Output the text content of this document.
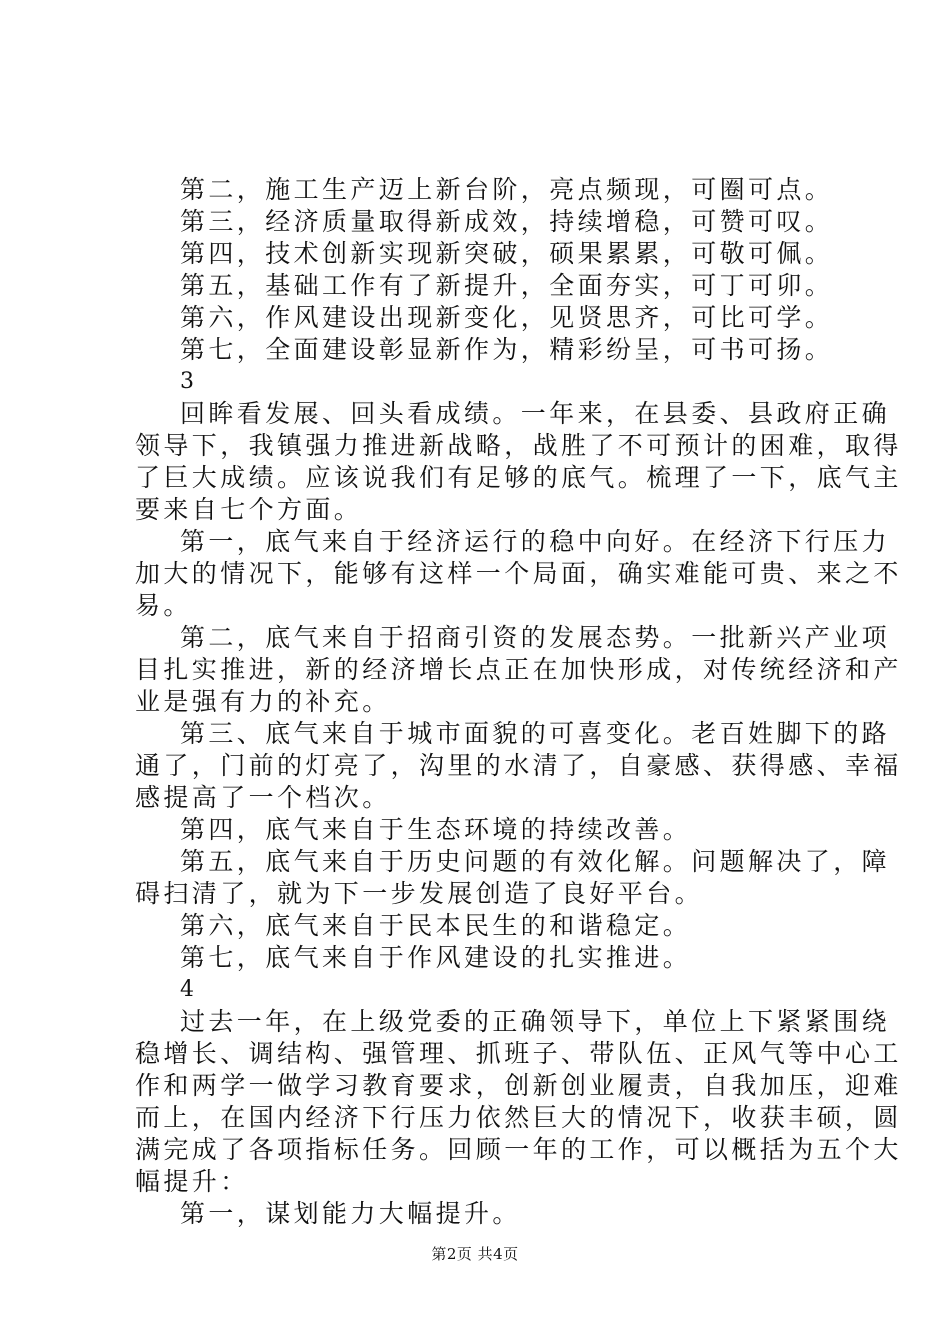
第二，施工生产迈上新台阶，亮点频现，可圈可点。
第三，经济质量取得新成效，持续增稳，可赞可叹。
第四，技术创新实现新突破，硕果累累，可敬可佩。
第五，基础工作有了新提升，全面夯实，可丁可卯。
第六，作风建设出现新变化，见贤思齐，可比可学。
第七，全面建设彰显新作为，精彩纷呈，可书可扬。
3
回眸看发展、回头看成绩。一年来，在县委、县政府正确
领导下，我镇强力推进新战略，战胜了不可预计的困难，取得
了巨大成绩。应该说我们有足够的底气。梳理了一下，底气主
要来自七个方面。
第一，底气来自于经济运行的稳中向好。在经济下行压力
加大的情况下，能够有这样一个局面，确实难能可贵、来之不
易。
第二，底气来自于招商引资的发展态势。一批新兴产业项
目扎实推进，新的经济增长点正在加快形成，对传统经济和产
业是强有力的补充。
第三、底气来自于城市面貌的可喜变化。老百姓脚下的路
通了，门前的灯亮了，沟里的水清了，自豪感、获得感、幸福
感提高了一个档次。
第四，底气来自于生态环境的持续改善。
第五，底气来自于历史问题的有效化解。问题解决了，障
碍扫清了，就为下一步发展创造了良好平台。
第六，底气来自于民本民生的和谐稳定。
第七，底气来自于作风建设的扎实推进。
4
过去一年，在上级党委的正确领导下，单位上下紧紧围绕
稳增长、调结构、强管理、抓班子、带队伍、正风气等中心工
作和两学一做学习教育要求，创新创业履责，自我加压，迎难
而上，在国内经济下行压力依然巨大的情况下，收获丰硕，圆
满完成了各项指标任务。回顾一年的工作，可以概括为五个大
幅提升：
第一，谋划能力大幅提升。
第2页 共4页
